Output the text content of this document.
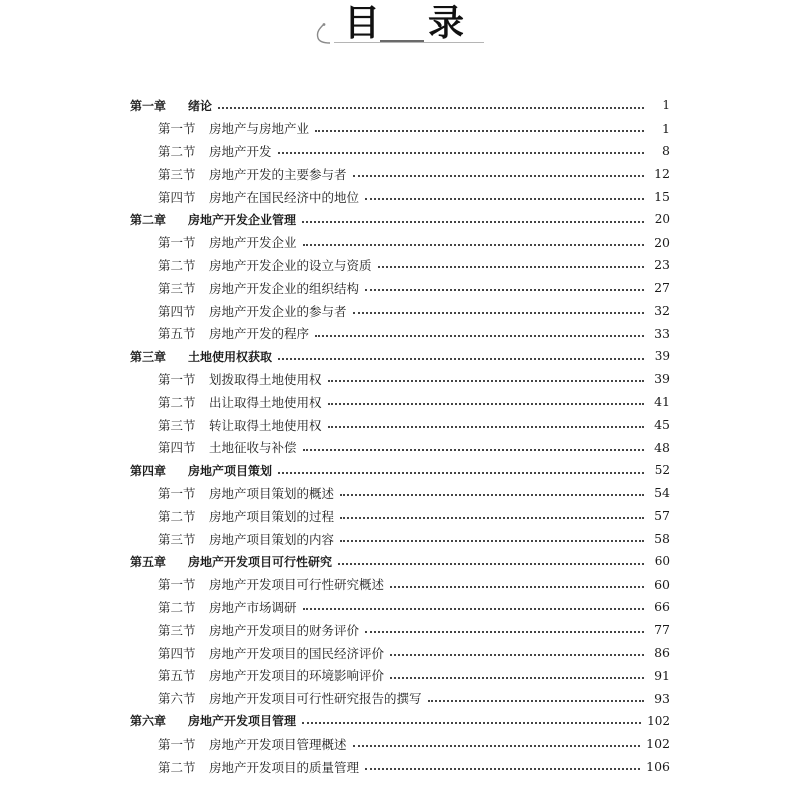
目 录
第一章	绪论	1
第一节	房地产与房地产业	1
第二节	房地产开发	8
第三节	房地产开发的主要参与者	12
第四节	房地产在国民经济中的地位	15
第二章	房地产开发企业管理	20
第一节	房地产开发企业	20
第二节	房地产开发企业的设立与资质	23
第三节	房地产开发企业的组织结构	27
第四节	房地产开发企业的参与者	32
第五节	房地产开发的程序	33
第三章	土地使用权获取	39
第一节	划拨取得土地使用权	39
第二节	出让取得土地使用权	41
第三节	转让取得土地使用权	45
第四节	土地征收与补偿	48
第四章	房地产项目策划	52
第一节	房地产项目策划的概述	54
第二节	房地产项目策划的过程	57
第三节	房地产项目策划的内容	58
第五章	房地产开发项目可行性研究	60
第一节	房地产开发项目可行性研究概述	60
第二节	房地产市场调研	66
第三节	房地产开发项目的财务评价	77
第四节	房地产开发项目的国民经济评价	86
第五节	房地产开发项目的环境影响评价	91
第六节	房地产开发项目可行性研究报告的撰写	93
第六章	房地产开发项目管理	102
第一节	房地产开发项目管理概述	102
第二节	房地产开发项目的质量管理	106
